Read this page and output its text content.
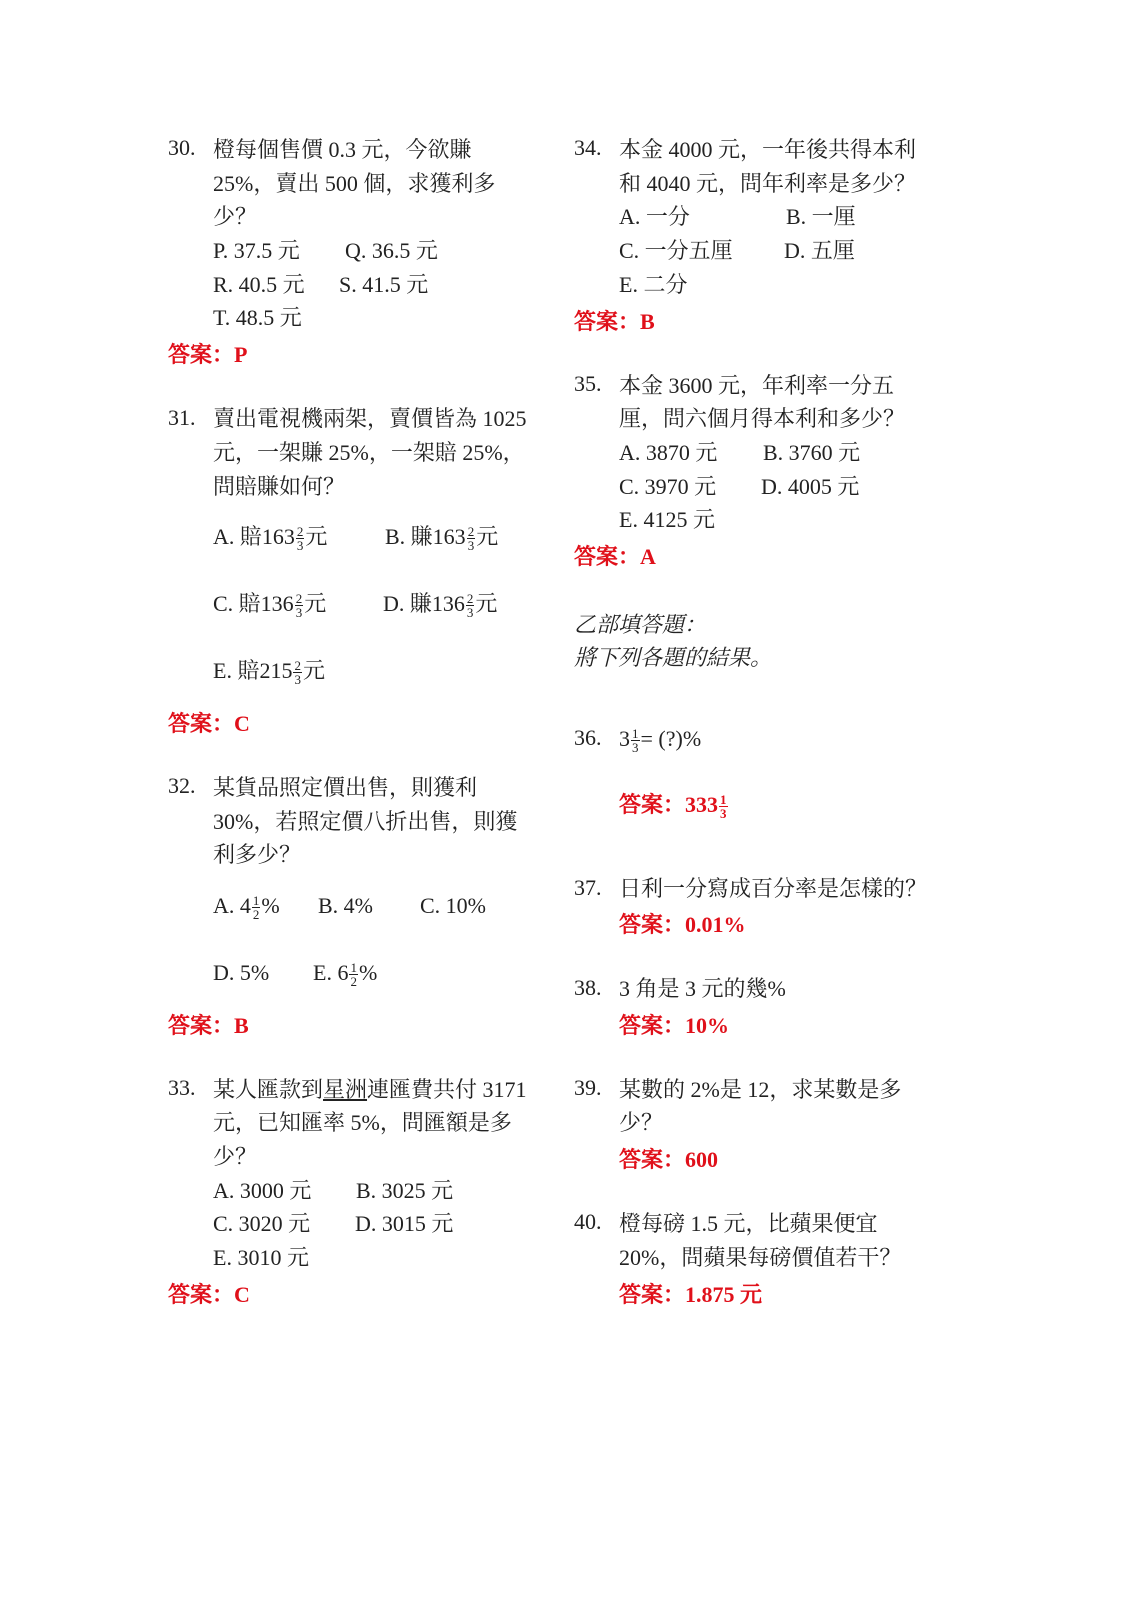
30. 橙每個售價 0.3 元，今欲賺
25%，賣出 500 個，求獲利多
少？
P. 37.5 元 Q. 36.5 元
R. 40.5 元 S. 41.5 元
T. 48.5 元
答案：P
31. 賣出電視機兩架，賣價皆為 1025
元，一架賺 25%，一架賠 25%，
問賠賺如何？
A. 賠$163 \frac{2}{3}$ 元	B. 賺$163 \frac{2}{3}$ 元
C. 賠$136 \frac{2}{3}$ 元	D. 賺$136 \frac{2}{3}$ 元
E. 賠$215 \frac{2}{3}$ 元
答案：C
32. 某貨品照定價出售，則獲利
30%，若照定價八折出售，則獲
利多少？
A. $4 \frac{1}{2}$ % B. 4% C. 10%
D. 5% E. $6 \frac{1}{2}$ %
答案：B
33. 某人匯款到星洲連匯費共付 3171
元，已知匯率 5%，問匯額是多
少？
A. 3000 元 B. 3025 元
C. 3020 元 D. 3015 元
E. 3010 元
答案：C
34. 本金 4000 元，一年後共得本利
和 4040 元，問年利率是多少？
A. 一分	B. 一厘
C. 一分五厘 D. 五厘
E. 二分
答案：B
35. 本金 3600 元，年利率一分五
厘，問六個月得本利和多少？
A. 3870 元 B. 3760 元
C. 3970 元 D. 4005 元
E. 4125 元
答案：A
乙部填答題：
將下列各題的結果。
36. $3 \frac{1}{3}$ = (?)%
答案：$333 \frac{1}{3}$
37. 日利一分寫成百分率是怎樣的？
答案：0.01%
38. 3 角是 3 元的幾%
答案：10%
39. 某數的 2%是 12，求某數是多
少？
答案：600
40. 橙每磅 1.5 元，比蘋果便宜
20%，問蘋果每磅價值若干？
答案：1.875 元
